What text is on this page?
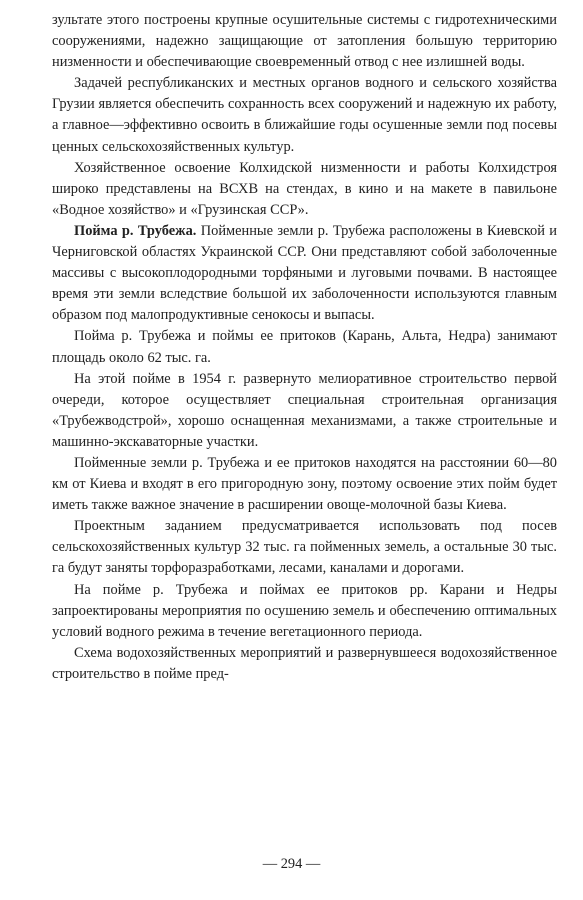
зультате этого построены крупные осушительные системы с гидротехническими сооружениями, надежно защищающие от затопления большую территорию низменности и обеспечивающие своевременный отвод с нее излишней воды.

Задачей республиканских и местных органов водного и сельского хозяйства Грузии является обеспечить сохранность всех сооружений и надежную их работу, а главное—эффективно освоить в ближайшие годы осушенные земли под посевы ценных сельскохозяйственных культур.

Хозяйственное освоение Колхидской низменности и работы Колхидстроя широко представлены на ВСХВ на стендах, в кино и на макете в павильоне «Водное хозяйство» и «Грузинская ССР».

Пойма р. Трубежа. Пойменные земли р. Трубежа расположены в Киевской и Черниговской областях Украинской ССР. Они представляют собой заболоченные массивы с высокоплодородными торфяными и луговыми почвами. В настоящее время эти земли вследствие большой их заболоченности используются главным образом под малопродуктивные сенокосы и выпасы.

Пойма р. Трубежа и поймы ее притоков (Карань, Альта, Недра) занимают площадь около 62 тыс. га.

На этой пойме в 1954 г. развернуто мелиоративное строительство первой очереди, которое осуществляет специальная строительная организация «Трубежводстрой», хорошо оснащенная механизмами, а также строительные и машинно-экскаваторные участки.

Пойменные земли р. Трубежа и ее притоков находятся на расстоянии 60—80 км от Киева и входят в его пригородную зону, поэтому освоение этих пойм будет иметь также важное значение в расширении овоще-молочной базы Киева.

Проектным заданием предусматривается использовать под посев сельскохозяйственных культур 32 тыс. га пойменных земель, а остальные 30 тыс. га будут заняты торфоразработками, лесами, каналами и дорогами.

На пойме р. Трубежа и поймах ее притоков рр. Карани и Недры запроектированы мероприятия по осушению земель и обеспечению оптимальных условий водного режима в течение вегетационного периода.

Схема водохозяйственных мероприятий и развернувшееся водохозяйственное строительство в пойме пред-

— 294 —
